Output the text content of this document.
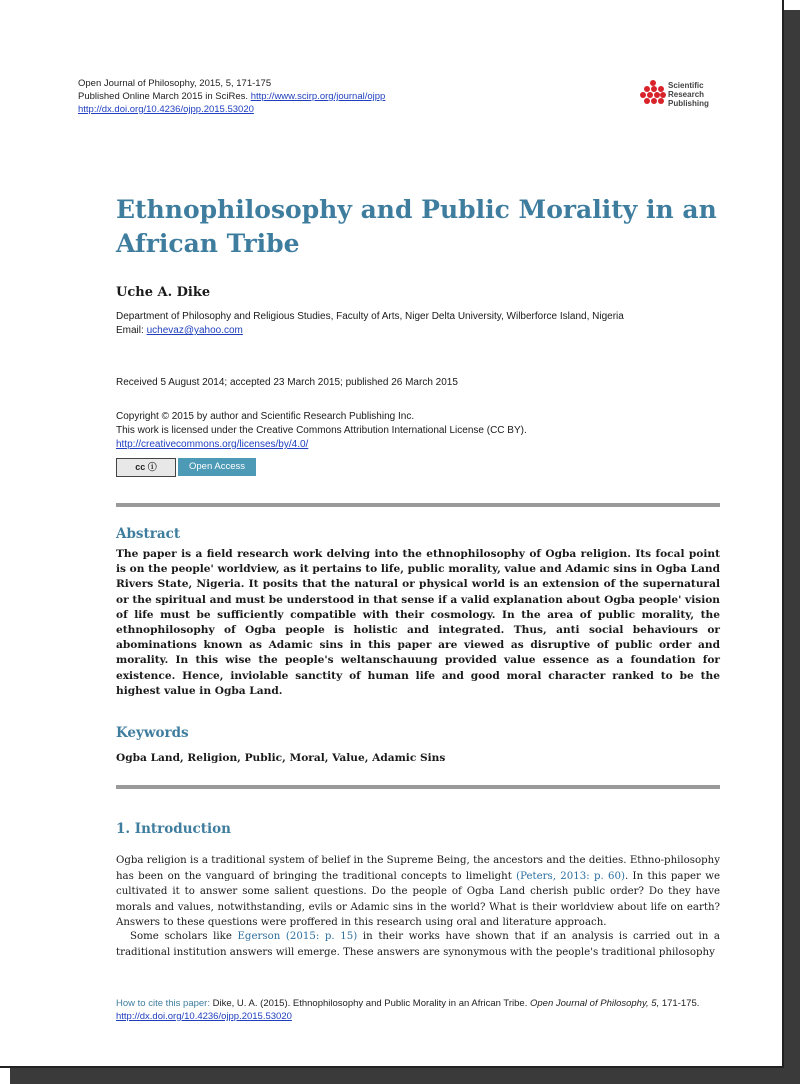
Open Journal of Philosophy, 2015, 5, 171-175
Published Online March 2015 in SciRes. http://www.scirp.org/journal/ojpp
http://dx.doi.org/10.4236/ojpp.2015.53020
Scientific
Research
Publishing
Ethnophilosophy and Public Morality in an African Tribe
Uche A. Dike
Department of Philosophy and Religious Studies, Faculty of Arts, Niger Delta University, Wilberforce Island, Nigeria
Email: uchevaz@yahoo.com
Received 5 August 2014; accepted 23 March 2015; published 26 March 2015
Copyright © 2015 by author and Scientific Research Publishing Inc.
This work is licensed under the Creative Commons Attribution International License (CC BY).
http://creativecommons.org/licenses/by/4.0/
cc ⓘ	Open Access
Abstract

The paper is a field research work delving into the ethnophilosophy of Ogba religion. Its focal point is on the people' worldview, as it pertains to life, public morality, value and Adamic sins in Ogba Land Rivers State, Nigeria. It posits that the natural or physical world is an extension of the supernatural or the spiritual and must be understood in that sense if a valid explanation about Ogba people' vision of life must be sufficiently compatible with their cosmology. In the area of public morality, the ethnophilosophy of Ogba people is holistic and integrated. Thus, anti social behaviours or abominations known as Adamic sins in this paper are viewed as disruptive of public order and morality. In this wise the people's weltanschauung provided value essence as a foundation for existence. Hence, inviolable sanctity of human life and good moral character ranked to be the highest value in Ogba Land.

Keywords
Ogba Land, Religion, Public, Moral, Value, Adamic Sins
1. Introduction

Ogba religion is a traditional system of belief in the Supreme Being, the ancestors and the deities. Ethno-philosophy has been on the vanguard of bringing the traditional concepts to limelight (Peters, 2013: p. 60). In this paper we cultivated it to answer some salient questions. Do the people of Ogba Land cherish public order? Do they have morals and values, notwithstanding, evils or Adamic sins in the world? What is their worldview about life on earth? Answers to these questions were proffered in this research using oral and literature approach.

Some scholars like Egerson (2015: p. 15) in their works have shown that if an analysis is carried out in a traditional institution answers will emerge. These answers are synonymous with the people's traditional philosophy

How to cite this paper: Dike, U. A. (2015). Ethnophilosophy and Public Morality in an African Tribe. Open Journal of Philosophy, 5, 171-175. http://dx.doi.org/10.4236/ojpp.2015.53020
